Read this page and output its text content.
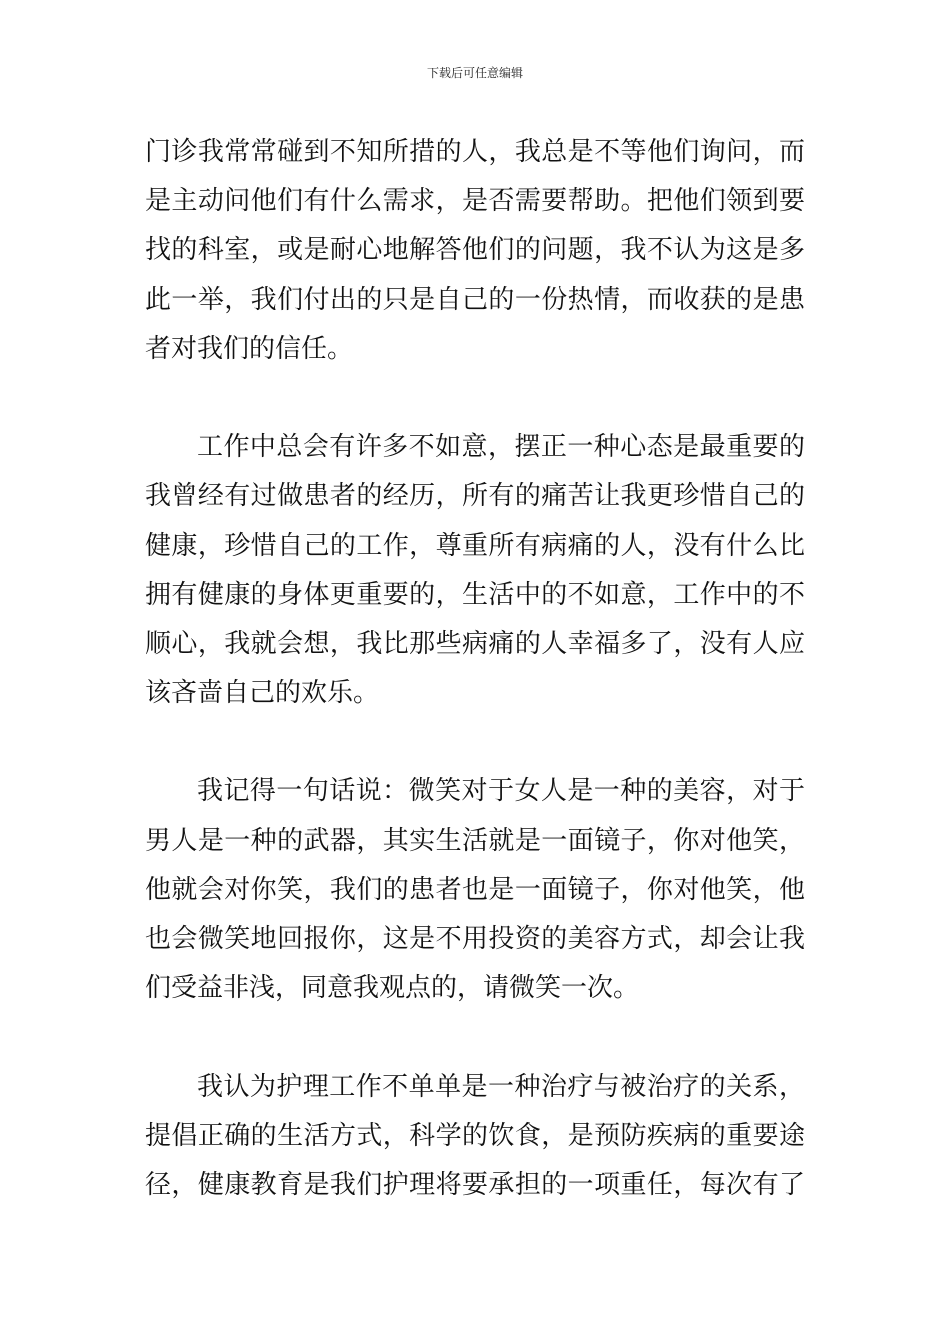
下载后可任意编辑
门诊我常常碰到不知所措的人，我总是不等他们询问，而
是主动问他们有什么需求，是否需要帮助。把他们领到要
找的科室，或是耐心地解答他们的问题，我不认为这是多
此一举，我们付出的只是自己的一份热情，而收获的是患
者对我们的信任。
工作中总会有许多不如意，摆正一种心态是最重要的
我曾经有过做患者的经历，所有的痛苦让我更珍惜自己的
健康，珍惜自己的工作，尊重所有病痛的人，没有什么比
拥有健康的身体更重要的，生活中的不如意，工作中的不
顺心，我就会想，我比那些病痛的人幸福多了，没有人应
该吝啬自己的欢乐。
我记得一句话说：微笑对于女人是一种的美容，对于
男人是一种的武器，其实生活就是一面镜子，你对他笑，
他就会对你笑，我们的患者也是一面镜子，你对他笑，他
也会微笑地回报你，这是不用投资的美容方式，却会让我
们受益非浅，同意我观点的，请微笑一次。
我认为护理工作不单单是一种治疗与被治疗的关系，
提倡正确的生活方式，科学的饮食，是预防疾病的重要途
径，健康教育是我们护理将要承担的一项重任，每次有了
